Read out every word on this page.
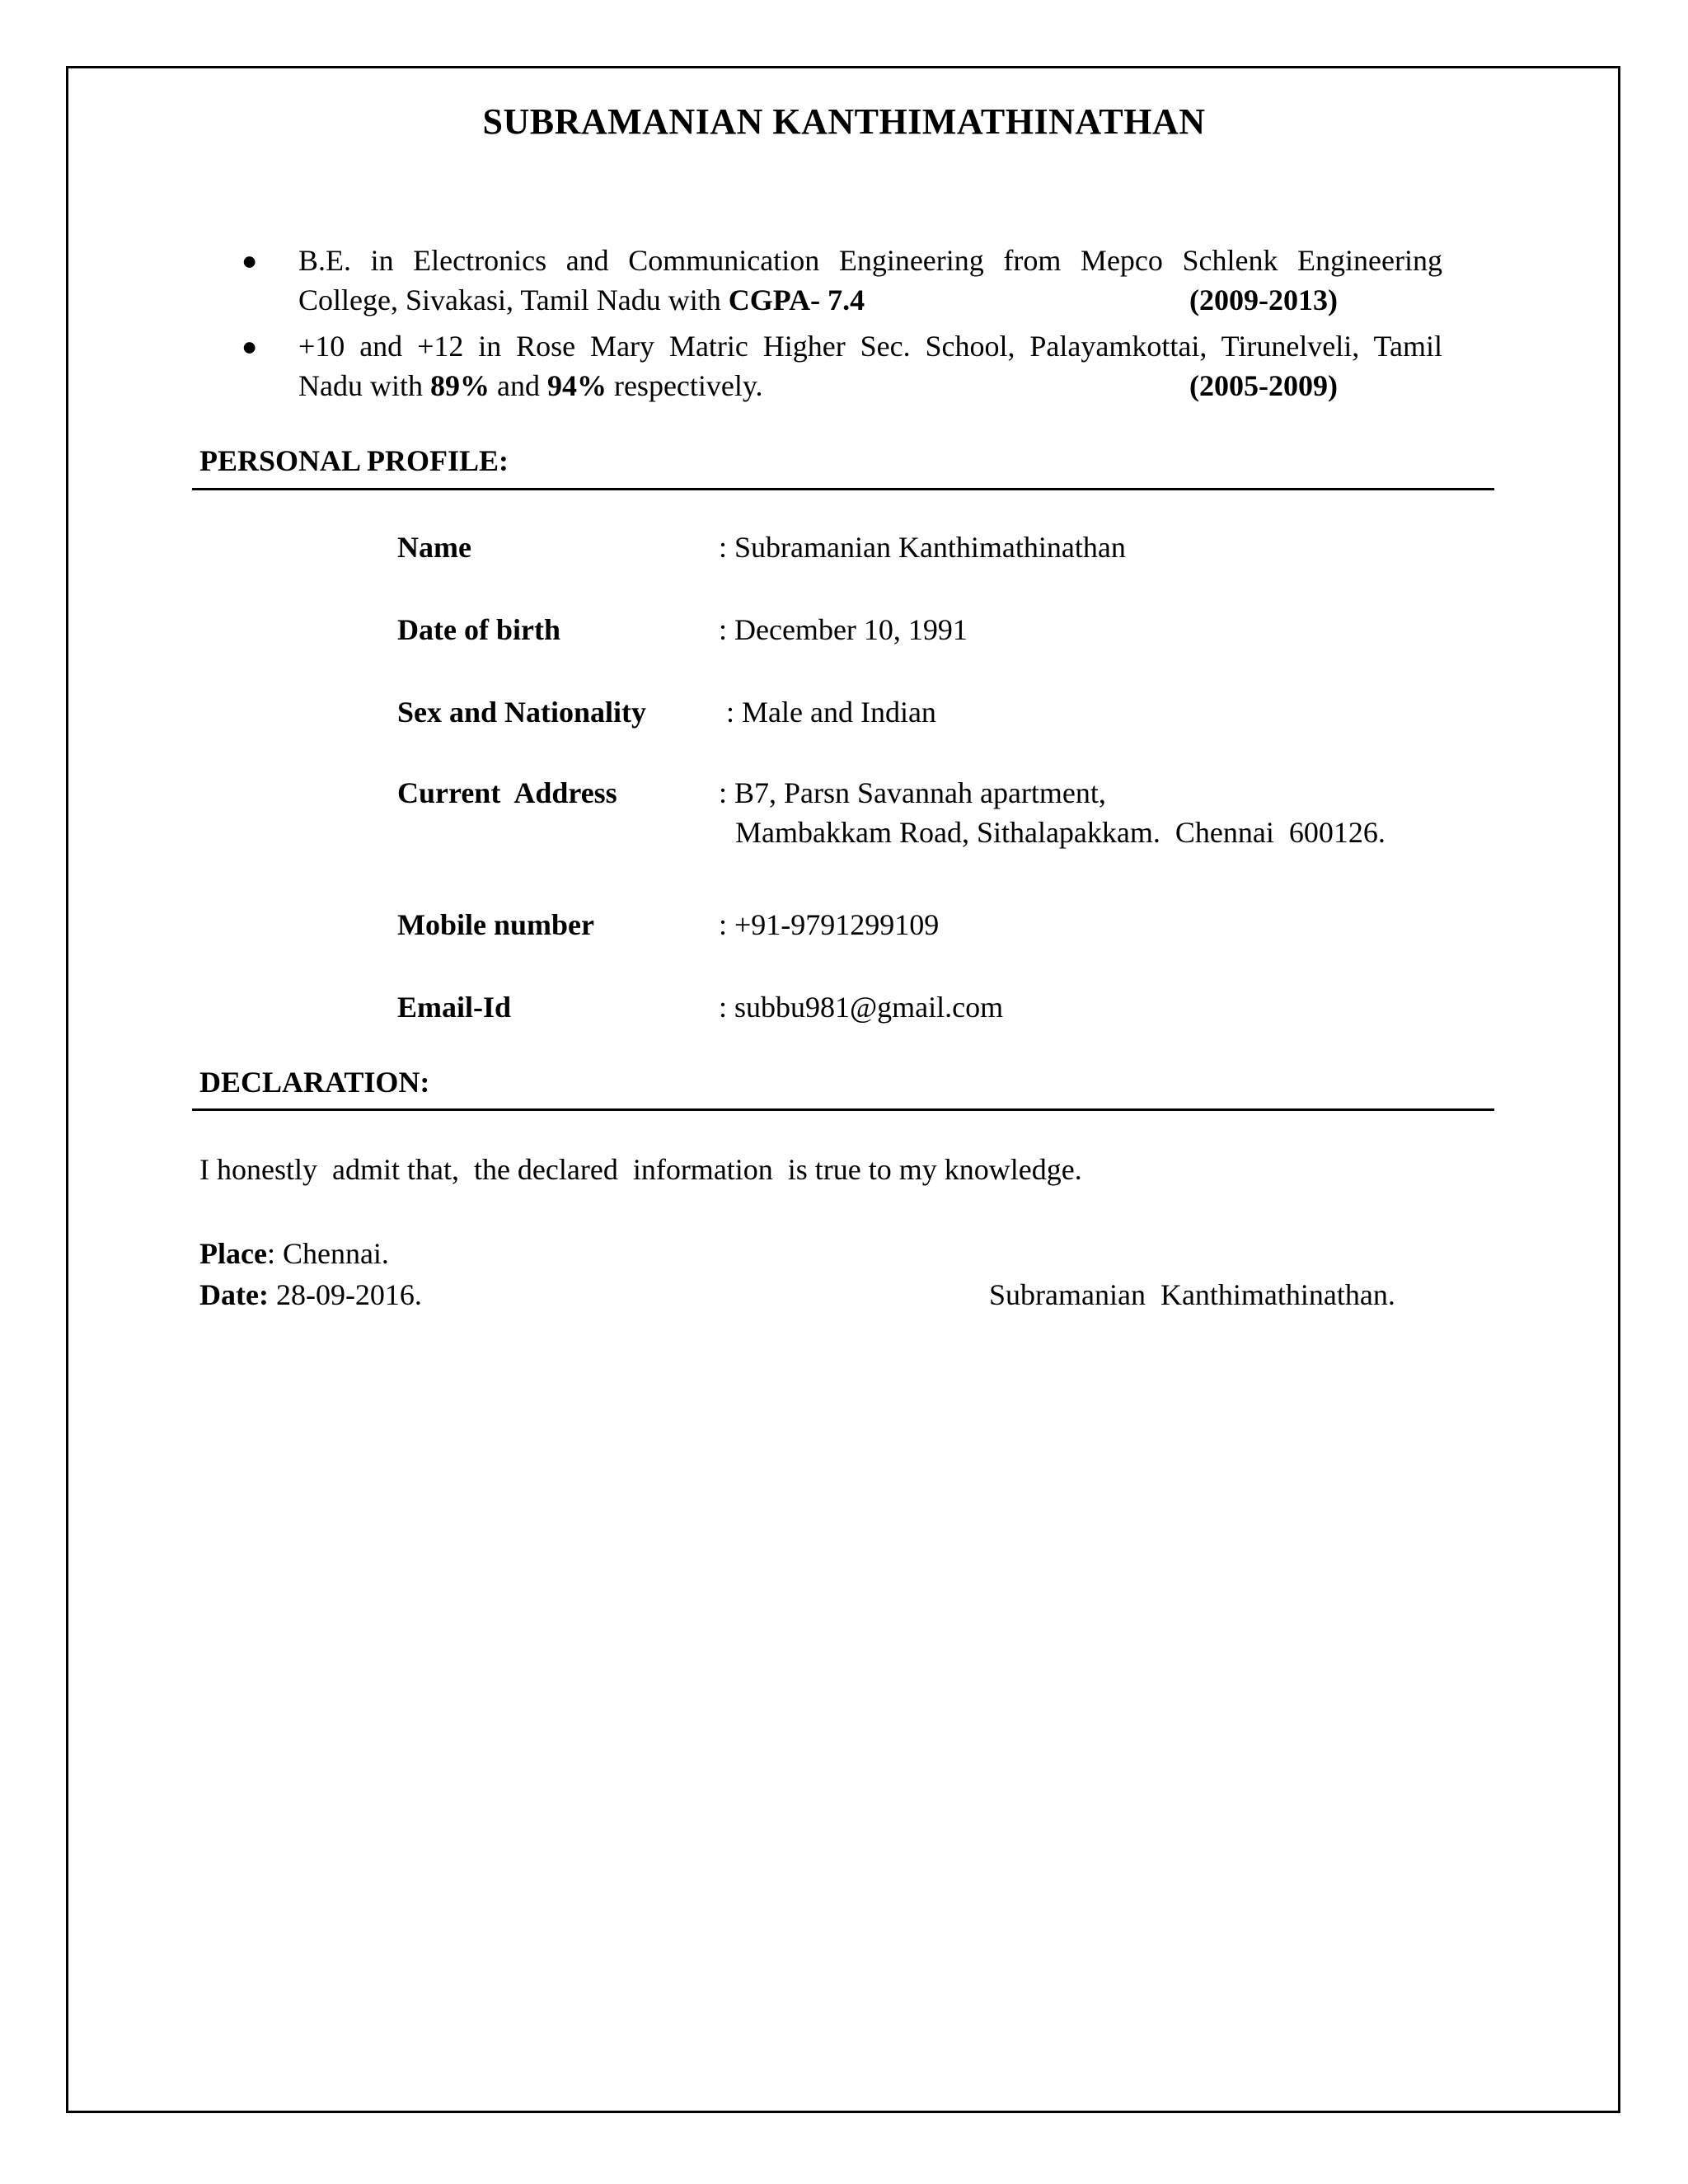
SUBRAMANIAN KANTHIMATHINATHAN
●	B.E. in Electronics and Communication Engineering from Mepco Schlenk Engineering
College, Sivakasi, Tamil Nadu with CGPA- 7.4	(2009-2013)
●	+10 and +12 in Rose Mary Matric Higher Sec. School, Palayamkottai, Tirunelveli, Tamil
Nadu with 89% and 94% respectively.	(2005-2009)
PERSONAL PROFILE:
Name	: Subramanian Kanthimathinathan
Date of birth	: December 10, 1991
Sex and Nationality : Male and Indian
Current  Address	: B7, Parsn Savannah apartment,
Mambakkam Road, Sithalapakkam.  Chennai  600126.
Mobile number	: +91-9791299109
Email-Id	: subbu981@gmail.com
DECLARATION:
I honestly  admit that,  the declared  information  is true to my knowledge.
Place: Chennai.
Date: 28-09-2016.	Subramanian  Kanthimathinathan.
